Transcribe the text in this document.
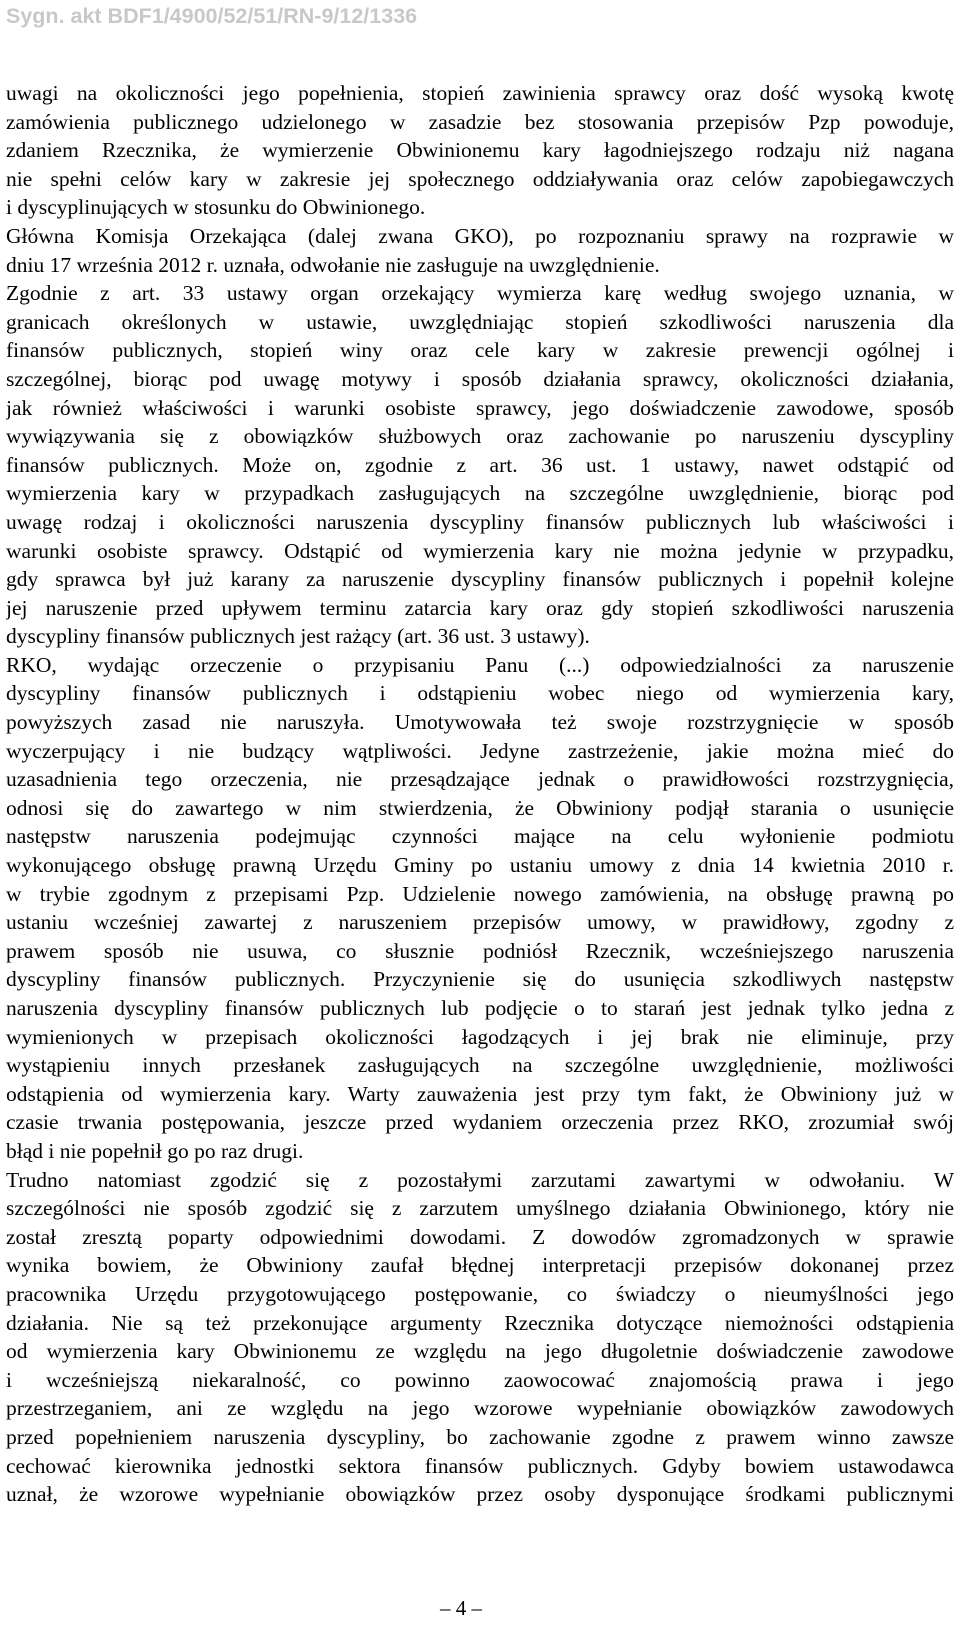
Sygn. akt BDF1/4900/52/51/RN-9/12/1336
uwagi na okoliczności jego popełnienia, stopień zawinienia sprawcy oraz dość wysoką kwotę
zamówienia publicznego udzielonego w zasadzie bez stosowania przepisów Pzp powoduje,
zdaniem Rzecznika, że wymierzenie Obwinionemu kary łagodniejszego rodzaju niż nagana
nie spełni celów kary w zakresie jej społecznego oddziaływania oraz celów zapobiegawczych
i dyscyplinujących w stosunku do Obwinionego.
Główna Komisja Orzekająca (dalej zwana GKO), po rozpoznaniu sprawy na rozprawie w
dniu 17 września 2012 r. uznała, odwołanie nie zasługuje na uwzględnienie.
Zgodnie z art. 33 ustawy organ orzekający wymierza karę według swojego uznania, w
granicach określonych w ustawie, uwzględniając stopień szkodliwości naruszenia dla
finansów publicznych, stopień winy oraz cele kary w zakresie prewencji ogólnej i
szczególnej, biorąc pod uwagę motywy i sposób działania sprawcy, okoliczności działania,
jak również właściwości i warunki osobiste sprawcy, jego doświadczenie zawodowe, sposób
wywiązywania się z obowiązków służbowych oraz zachowanie po naruszeniu dyscypliny
finansów publicznych. Może on, zgodnie z art. 36 ust. 1 ustawy, nawet odstąpić od
wymierzenia kary w przypadkach zasługujących na szczególne uwzględnienie, biorąc pod
uwagę rodzaj i okoliczności naruszenia dyscypliny finansów publicznych lub właściwości i
warunki osobiste sprawcy. Odstąpić od wymierzenia kary nie można jedynie w przypadku,
gdy sprawca był już karany za naruszenie dyscypliny finansów publicznych i popełnił kolejne
jej naruszenie przed upływem terminu zatarcia kary oraz gdy stopień szkodliwości naruszenia
dyscypliny finansów publicznych jest rażący (art. 36 ust. 3 ustawy).
RKO, wydając orzeczenie o przypisaniu Panu (...) odpowiedzialności za naruszenie
dyscypliny finansów publicznych i odstąpieniu wobec niego od wymierzenia kary,
powyższych zasad nie naruszyła. Umotywowała też swoje rozstrzygnięcie w sposób
wyczerpujący i nie budzący wątpliwości. Jedyne zastrzeżenie, jakie można mieć do
uzasadnienia tego orzeczenia, nie przesądzające jednak o prawidłowości rozstrzygnięcia,
odnosi się do zawartego w nim stwierdzenia, że Obwiniony podjął starania o usunięcie
następstw naruszenia podejmując czynności mające na celu wyłonienie podmiotu
wykonującego obsługę prawną Urzędu Gminy po ustaniu umowy z dnia 14 kwietnia 2010 r.
w trybie zgodnym z przepisami Pzp. Udzielenie nowego zamówienia, na obsługę prawną po
ustaniu wcześniej zawartej z naruszeniem przepisów umowy, w prawidłowy, zgodny z
prawem sposób nie usuwa, co słusznie podniósł Rzecznik, wcześniejszego naruszenia
dyscypliny finansów publicznych. Przyczynienie się do usunięcia szkodliwych następstw
naruszenia dyscypliny finansów publicznych lub podjęcie o to starań jest jednak tylko jedna z
wymienionych w przepisach okoliczności łagodzących i jej brak nie eliminuje, przy
wystąpieniu innych przesłanek zasługujących na szczególne uwzględnienie, możliwości
odstąpienia od wymierzenia kary. Warty zauważenia jest przy tym fakt, że Obwiniony już w
czasie trwania postępowania, jeszcze przed wydaniem orzeczenia przez RKO, zrozumiał swój
błąd i nie popełnił go po raz drugi.
Trudno natomiast zgodzić się z pozostałymi zarzutami zawartymi w odwołaniu. W
szczególności nie sposób zgodzić się z zarzutem umyślnego działania Obwinionego, który nie
został zresztą poparty odpowiednimi dowodami. Z dowodów zgromadzonych w sprawie
wynika bowiem, że Obwiniony zaufał błędnej interpretacji przepisów dokonanej przez
pracownika Urzędu przygotowującego postępowanie, co świadczy o nieumyślności jego
działania. Nie są też przekonujące argumenty Rzecznika dotyczące niemożności odstąpienia
od wymierzenia kary Obwinionemu ze względu na jego długoletnie doświadczenie zawodowe
i wcześniejszą niekaralność, co powinno zaowocować znajomością prawa i jego
przestrzeganiem, ani ze względu na jego wzorowe wypełnianie obowiązków zawodowych
przed popełnieniem naruszenia dyscypliny, bo zachowanie zgodne z prawem winno zawsze
cechować kierownika jednostki sektora finansów publicznych. Gdyby bowiem ustawodawca
uznał, że wzorowe wypełnianie obowiązków przez osoby dysponujące środkami publicznymi
– 4 –
